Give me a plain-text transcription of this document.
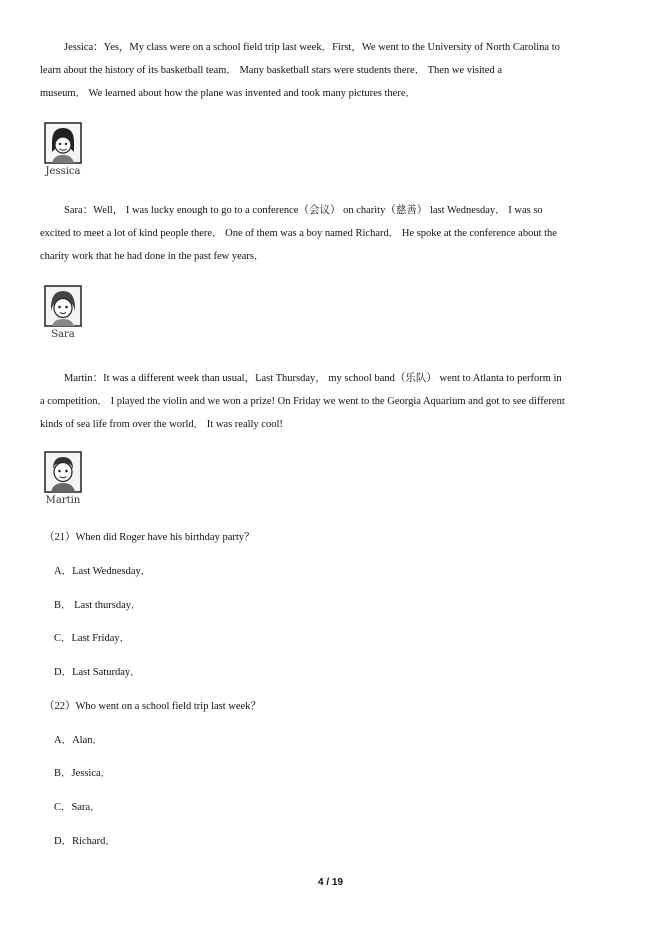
Jessica：Yes，My class were on a school field trip last week．First，We went to the University of North Carolina to
learn about the history of its basketball team． Many basketball stars were students there． Then we visited a
museum． We learned about how the plane was invented and took many pictures there．

Jessica

Sara：Well， I was lucky enough to go to a conference（会议） on charity（慈善） last Wednesday． I was so
excited to meet a lot of kind people there． One of them was a boy named Richard． He spoke at the conference about the
charity work that he had done in the past few years．

Sara

Martin：It was a different week than usual，Last Thursday， my school band（乐队） went to Atlanta to perform in
a competition． I played the violin and we won a prize! On Friday we went to the Georgia Aquarium and got to see different
kinds of sea life from over the world． It was really cool!

Martin
（21）When did Roger have his birthday party？
A．Last Wednesday．
B． Last thursday．
C．Last Friday．
D．Last Saturday．
（22）Who went on a school field trip last week？
A．Alan．
B．Jessica．
C．Sara．
D．Richard．
4 / 19
